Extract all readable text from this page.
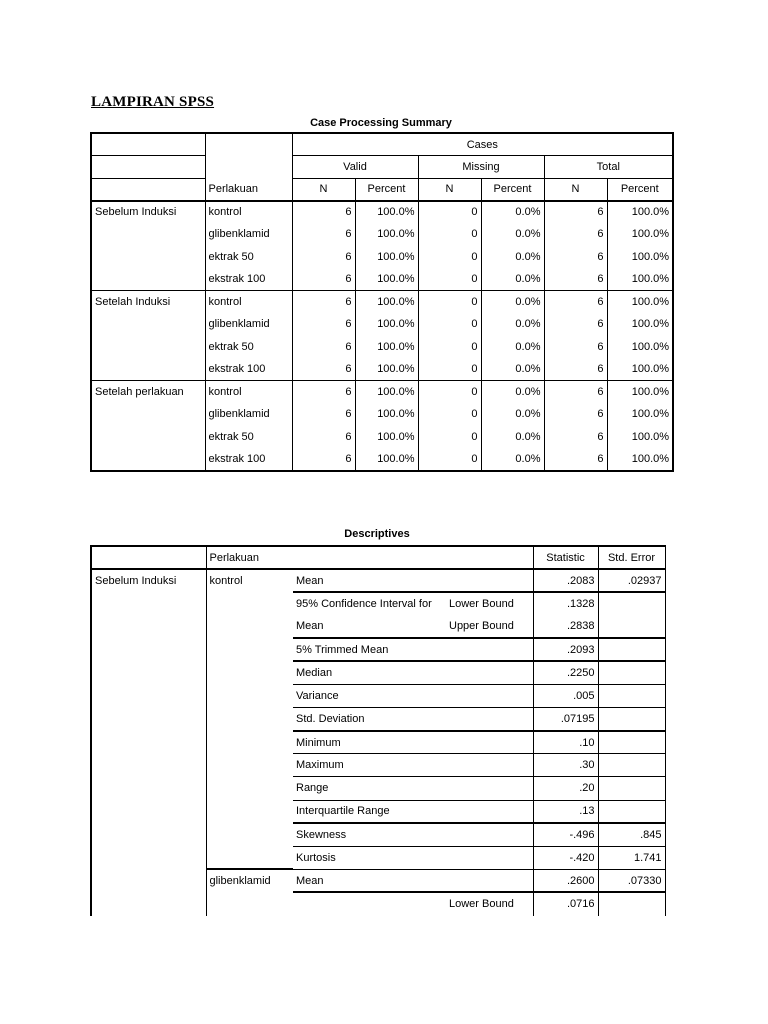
LAMPIRAN SPSS
Case Processing Summary
		Cases					
		Valid		Missing		Total	
	Perlakuan	N	Percent	N	Percent	N	Percent
Sebelum Induksi	kontrol	6	100.0%	0	0.0%	6	100.0%
	glibenklamid	6	100.0%	0	0.0%	6	100.0%
	ektrak 50	6	100.0%	0	0.0%	6	100.0%
	ekstrak 100	6	100.0%	0	0.0%	6	100.0%
Setelah Induksi	kontrol	6	100.0%	0	0.0%	6	100.0%
	glibenklamid	6	100.0%	0	0.0%	6	100.0%
	ektrak 50	6	100.0%	0	0.0%	6	100.0%
	ekstrak 100	6	100.0%	0	0.0%	6	100.0%
Setelah perlakuan	kontrol	6	100.0%	0	0.0%	6	100.0%
	glibenklamid	6	100.0%	0	0.0%	6	100.0%
	ektrak 50	6	100.0%	0	0.0%	6	100.0%
	ekstrak 100	6	100.0%	0	0.0%	6	100.0%
Descriptives
	Perlakuan			Statistic	Std. Error
Sebelum Induksi	kontrol	Mean		.2083	.02937
		95% Confidence Interval for	Lower Bound	.1328	
		Mean	Upper Bound	.2838	
		5% Trimmed Mean		.2093	
		Median		.2250	
		Variance		.005	
		Std. Deviation		.07195	
		Minimum		.10	
		Maximum		.30	
		Range		.20	
		Interquartile Range		.13	
		Skewness		-.496	.845
		Kurtosis		-.420	1.741
	glibenklamid	Mean		.2600	.07330
			Lower Bound	.0716	
